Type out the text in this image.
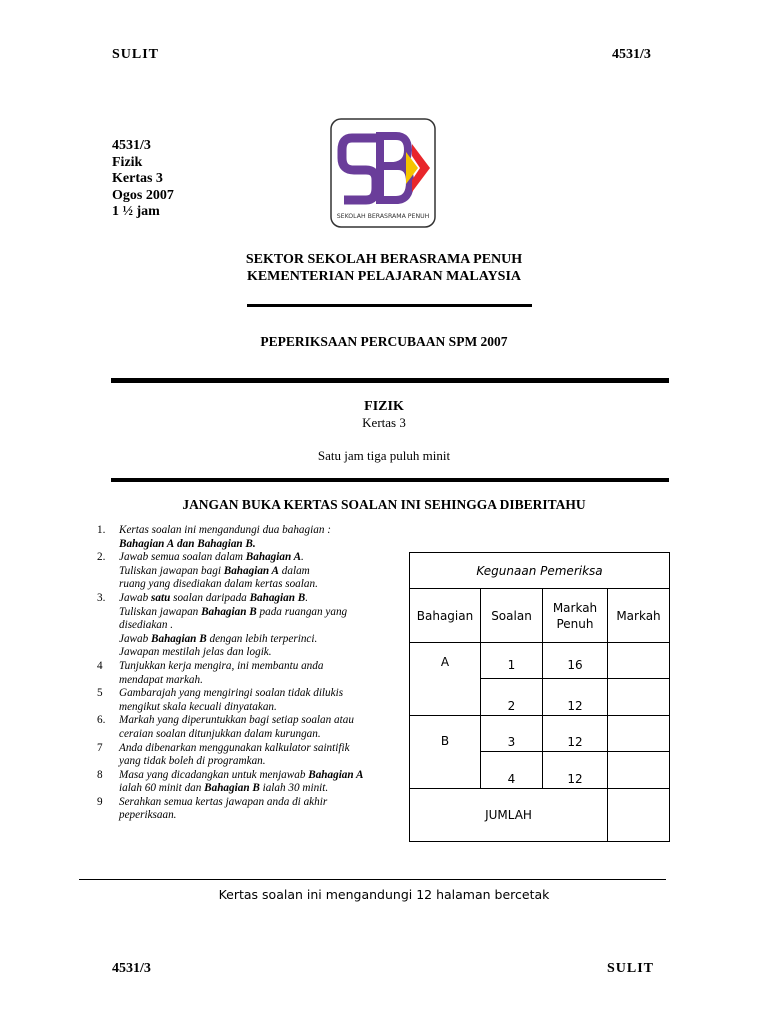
SULIT	4531/3
4531/3
Fizik
Kertas 3
Ogos 2007
1 ½ jam	SEKOLAH BERASRAMA PENUH
SEKTOR SEKOLAH BERASRAMA PENUH
KEMENTERIAN PELAJARAN MALAYSIA
PEPERIKSAAN PERCUBAAN SPM 2007
FIZIK
Kertas 3
Satu jam tiga puluh minit
JANGAN BUKA KERTAS SOALAN INI SEHINGGA DIBERITAHU
1.	Kertas soalan ini mengandungi dua bahagian :
Bahagian A dan Bahagian B.
2.	Jawab semua soalan dalam Bahagian A.
Tuliskan jawapan bagi Bahagian A dalam
ruang yang disediakan dalam kertas soalan.
3.	Jawab satu soalan daripada Bahagian B.
Tuliskan jawapan Bahagian B pada ruangan yang
disediakan .
Jawab Bahagian B dengan lebih terperinci.
Jawapan mestilah jelas dan logik.
4	Tunjukkan kerja mengira, ini membantu anda
mendapat markah.
5	Gambarajah yang mengiringi soalan tidak dilukis
mengikut skala kecuali dinyatakan.
6.	Markah yang diperuntukkan bagi setiap soalan atau
ceraian soalan ditunjukkan dalam kurungan.
7	Anda dibenarkan menggunakan kalkulator saintifik
yang tidak boleh di programkan.
8	Masa yang dicadangkan untuk menjawab Bahagian A
ialah 60 minit dan Bahagian B ialah 30 minit.
9	Serahkan semua kertas jawapan anda di akhir
peperiksaan.
Kegunaan Pemeriksa			
Bahagian	Soalan	Markah Penuh	Markah
A	1	16	
	2	12	
B	3	12	
	4	12	
JUMLAH			
Kertas soalan ini mengandungi 12 halaman bercetak
4531/3	SULIT
